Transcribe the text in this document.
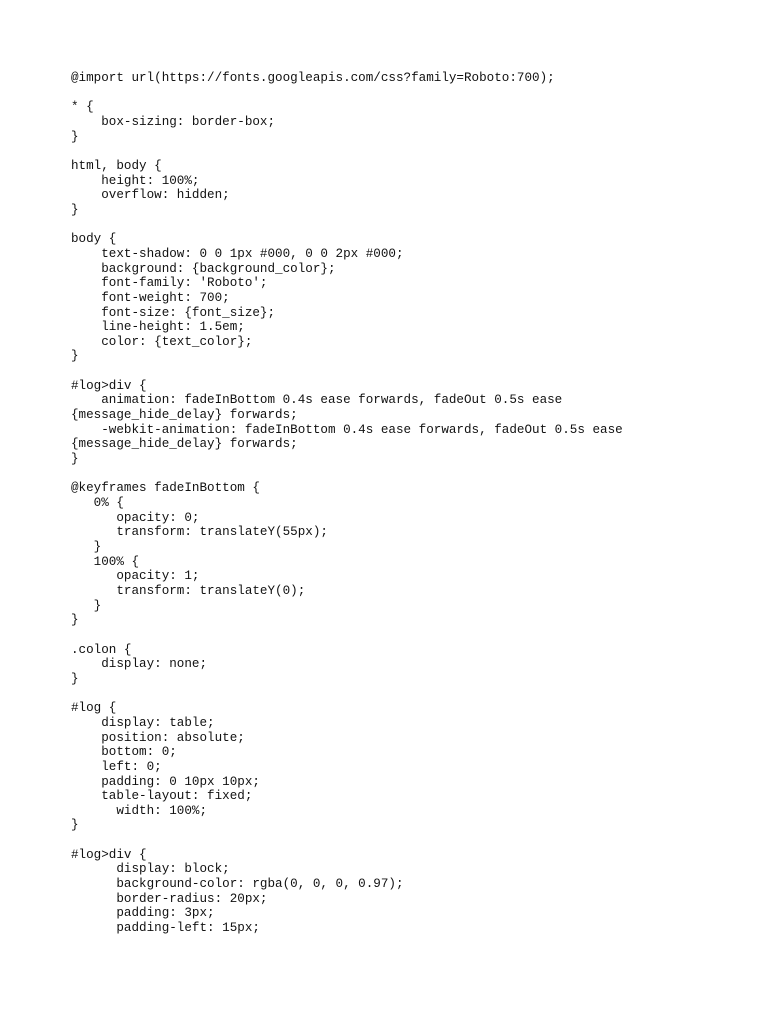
@import url(https://fonts.googleapis.com/css?family=Roboto:700);

* {
box-sizing: border-box;
}

html, body {
height: 100%;
overflow: hidden;
}

body {
text-shadow: 0 0 1px #000, 0 0 2px #000;
background: {background_color};
font-family: 'Roboto';
font-weight: 700;
font-size: {font_size};
line-height: 1.5em;
color: {text_color};
}

#log>div {
animation: fadeInBottom 0.4s ease forwards, fadeOut 0.5s ease
{message_hide_delay} forwards;
-webkit-animation: fadeInBottom 0.4s ease forwards, fadeOut 0.5s ease
{message_hide_delay} forwards;
}

@keyframes fadeInBottom {
0% {
opacity: 0;
transform: translateY(55px);
}
100% {
opacity: 1;
transform: translateY(0);
}
}

.colon {
display: none;
}

#log {
display: table;
position: absolute;
bottom: 0;
left: 0;
padding: 0 10px 10px;
table-layout: fixed;
width: 100%;
}

#log>div {
display: block;
background-color: rgba(0, 0, 0, 0.97);
border-radius: 20px;
padding: 3px;
padding-left: 15px;
